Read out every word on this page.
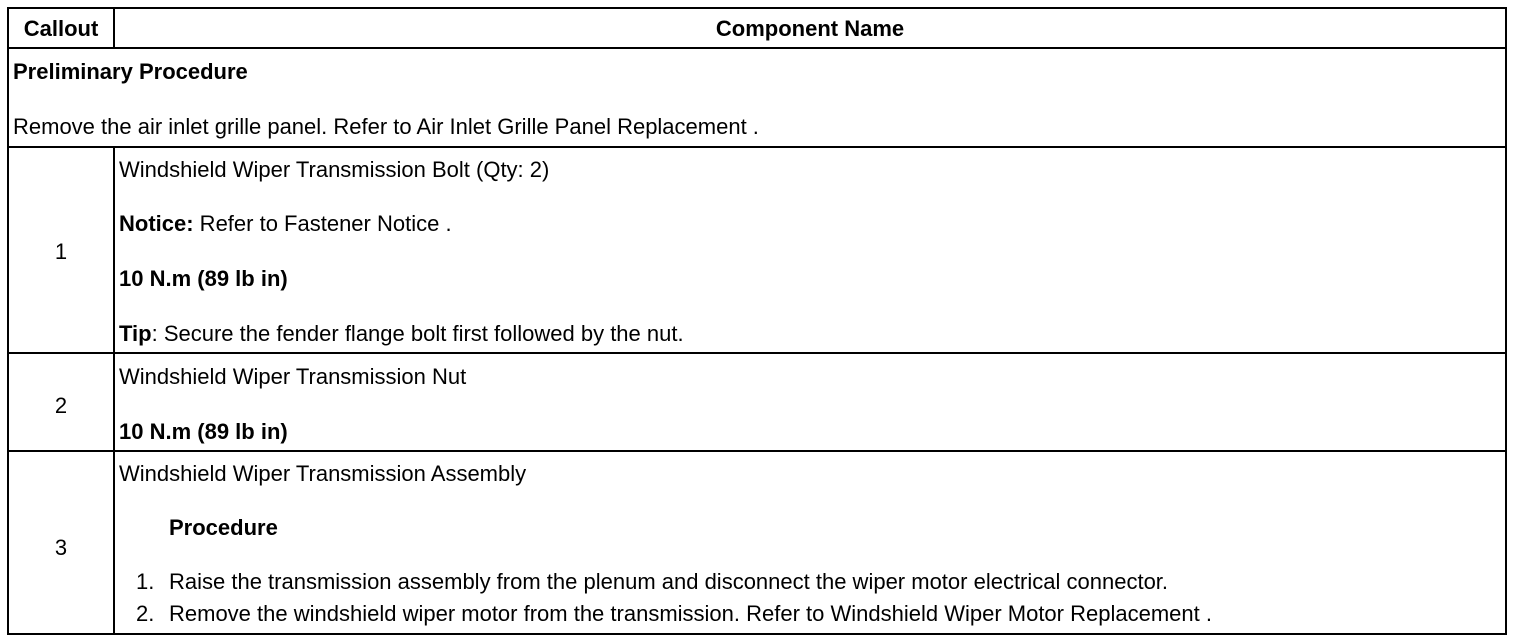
Callout	Component Name
Preliminary Procedure
Remove the air inlet grille panel. Refer to Air Inlet Grille Panel Replacement .
1
Windshield Wiper Transmission Bolt (Qty: 2)
Notice: Refer to Fastener Notice .
10 N.m (89 lb in)
Tip: Secure the fender flange bolt first followed by the nut.
2
Windshield Wiper Transmission Nut
10 N.m (89 lb in)
3
Windshield Wiper Transmission Assembly
Procedure
1. Raise the transmission assembly from the plenum and disconnect the wiper motor electrical connector.
2. Remove the windshield wiper motor from the transmission. Refer to Windshield Wiper Motor Replacement .
